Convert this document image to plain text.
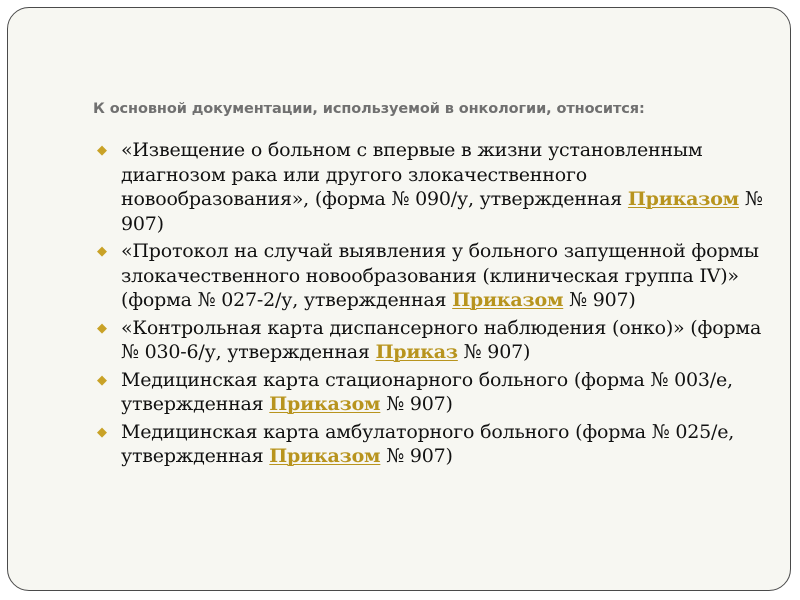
К основной документации, используемой в онкологии, относится:

◆ «Извещение о больном с впервые в жизни установленным диагнозом рака или другого злокачественного новообразования», (форма № 090/у, утвержденная Приказом № 907)
◆ «Протокол на случай выявления у больного запущенной формы злокачественного новообразования (клиническая группа IV)» (форма № 027-2/у, утвержденная Приказом № 907)
◆ «Контрольная карта диспансерного наблюдения (онко)» (форма № 030-6/у, утвержденная Приказ № 907)
◆ Медицинская карта стационарного больного (форма № 003/е, утвержденная Приказом № 907)
◆ Медицинская карта амбулаторного больного (форма № 025/е, утвержденная Приказом № 907)
